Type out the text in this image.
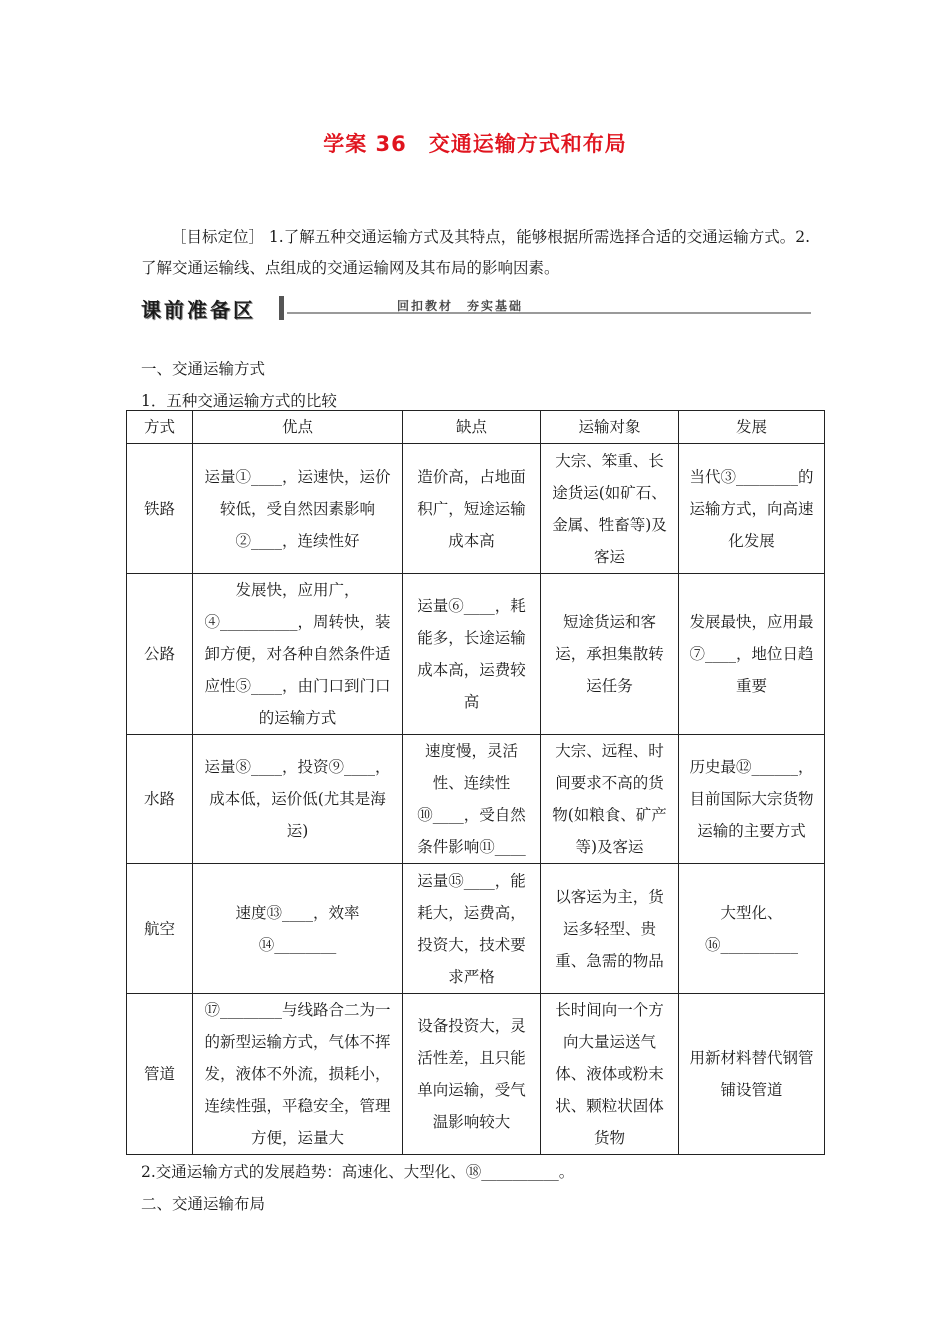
学案 36　交通运输方式和布局
［目标定位］ 1.了解五种交通运输方式及其特点，能够根据所需选择合适的交通运输方式。2.了解交通运输线、点组成的交通运输网及其布局的影响因素。
课前准备区	回扣教材　夯实基础
一、交通运输方式
1．五种交通运输方式的比较
方式	优点	缺点	运输对象	发展
铁路	运量①____，运速快，运价较低，受自然因素影响②____，连续性好	造价高，占地面积广，短途运输成本高	大宗、笨重、长途货运(如矿石、金属、牲畜等)及客运	当代③________的运输方式，向高速化发展
公路	发展快，应用广，④__________，周转快，装卸方便，对各种自然条件适应性⑤____，由门口到门口的运输方式	运量⑥____，耗能多，长途运输成本高，运费较高	短途货运和客运，承担集散转运任务	发展最快，应用最⑦____，地位日趋重要
水路	运量⑧____，投资⑨____，成本低，运价低(尤其是海运)	速度慢，灵活性、连续性⑩____，受自然条件影响⑪____	大宗、远程、时间要求不高的货物(如粮食、矿产等)及客运	历史最⑫______，目前国际大宗货物运输的主要方式
航空	速度⑬____，效率⑭________	运量⑮____，能耗大，运费高，投资大，技术要求严格	以客运为主，货运多轻型、贵重、急需的物品	大型化、⑯__________
管道	⑰________与线路合二为一的新型运输方式，气体不挥发，液体不外流，损耗小，连续性强，平稳安全，管理方便，运量大	设备投资大，灵活性差，且只能单向运输，受气温影响较大	长时间向一个方向大量运送气体、液体或粉末状、颗粒状固体货物	用新材料替代钢管铺设管道
2.交通运输方式的发展趋势：高速化、大型化、⑱__________。
二、交通运输布局
